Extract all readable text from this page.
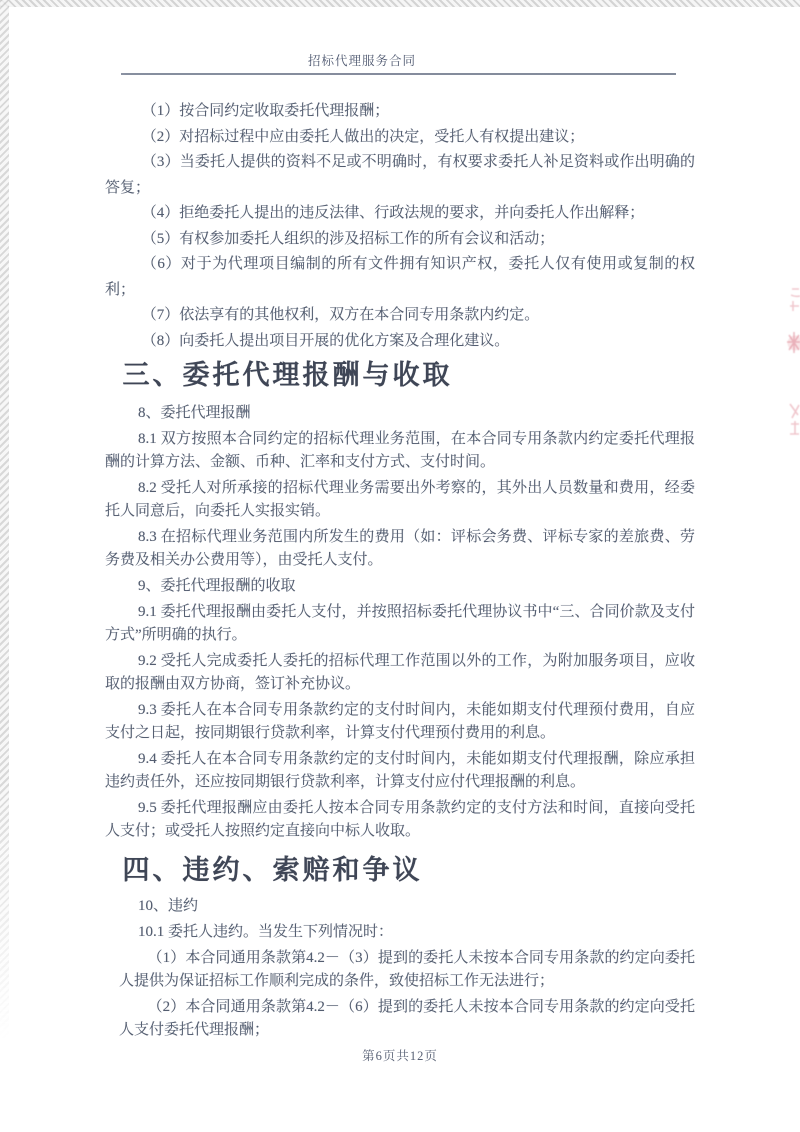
招标代理服务合同

（1）按合同约定收取委托代理报酬；

（2）对招标过程中应由委托人做出的决定，受托人有权提出建议；

（3）当委托人提供的资料不足或不明确时，有权要求委托人补足资料或作出明确的答复；

（4）拒绝委托人提出的违反法律、行政法规的要求，并向委托人作出解释；

（5）有权参加委托人组织的涉及招标工作的所有会议和活动；

（6）对于为代理项目编制的所有文件拥有知识产权，委托人仅有使用或复制的权利；

（7）依法享有的其他权利，双方在本合同专用条款内约定。

（8）向委托人提出项目开展的优化方案及合理化建议。

三、委托代理报酬与收取

8、委托代理报酬

8.1 双方按照本合同约定的招标代理业务范围，在本合同专用条款内约定委托代理报酬的计算方法、金额、币种、汇率和支付方式、支付时间。

8.2 受托人对所承接的招标代理业务需要出外考察的，其外出人员数量和费用，经委托人同意后，向委托人实报实销。

8.3 在招标代理业务范围内所发生的费用（如：评标会务费、评标专家的差旅费、劳务费及相关办公费用等），由受托人支付。

9、委托代理报酬的收取

9.1 委托代理报酬由委托人支付，并按照招标委托代理协议书中“三、合同价款及支付方式”所明确的执行。

9.2 受托人完成委托人委托的招标代理工作范围以外的工作，为附加服务项目，应收取的报酬由双方协商，签订补充协议。

9.3 委托人在本合同专用条款约定的支付时间内，未能如期支付代理预付费用，自应支付之日起，按同期银行贷款利率，计算支付代理预付费用的利息。

9.4 委托人在本合同专用条款约定的支付时间内，未能如期支付代理报酬，除应承担违约责任外，还应按同期银行贷款利率，计算支付应付代理报酬的利息。

9.5 委托代理报酬应由委托人按本合同专用条款约定的支付方法和时间，直接向受托人支付；或受托人按照约定直接向中标人收取。

四、违约、索赔和争议

10、违约

10.1 委托人违约。当发生下列情况时：

（1）本合同通用条款第4.2－（3）提到的委托人未按本合同专用条款的约定向委托人提供为保证招标工作顺利完成的条件，致使招标工作无法进行；

（2）本合同通用条款第4.2－（6）提到的委托人未按本合同专用条款的约定向受托人支付委托代理报酬；

第6页共12页
